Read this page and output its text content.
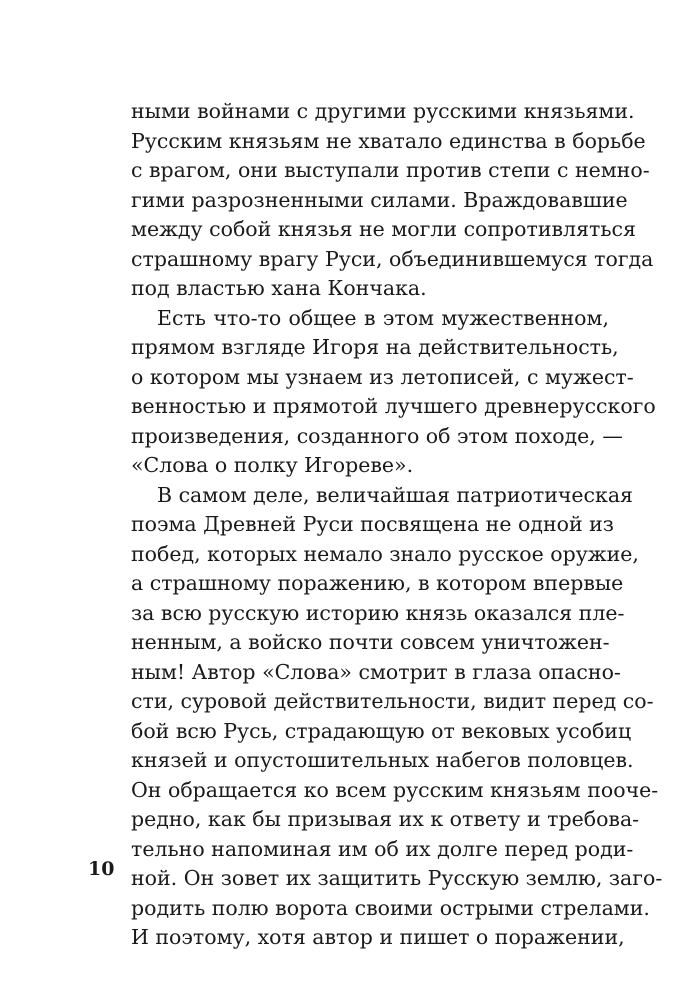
ными войнами с другими русскими князьями.
Русским князьям не хватало единства в борьбе
с врагом, они выступали против степи с немно-
гими разрозненными силами. Враждовавшие
между собой князья не могли сопротивляться
страшному врагу Руси, объединившемуся тогда
под властью хана Кончака.
Есть что-то общее в этом мужественном,
прямом взгляде Игоря на действительность,
о котором мы узнаем из летописей, с мужест-
венностью и прямотой лучшего древнерусского
произведения, созданного об этом походе, —
«Слова о полку Игореве».
В самом деле, величайшая патриотическая
поэма Древней Руси посвящена не одной из
побед, которых немало знало русское оружие,
а страшному поражению, в котором впервые
за всю русскую историю князь оказался пле-
ненным, а войско почти совсем уничтожен-
ным! Автор «Слова» смотрит в глаза опасно-
сти, суровой действительности, видит перед со-
бой всю Русь, страдающую от вековых усобиц
князей и опустошительных набегов половцев.
Он обращается ко всем русским князьям пооче-
редно, как бы призывая их к ответу и требова-
тельно напоминая им об их долге перед роди-
ной. Он зовет их защитить Русскую землю, заго-
родить полю ворота своими острыми стрелами.
И поэтому, хотя автор и пишет о поражении,
10
